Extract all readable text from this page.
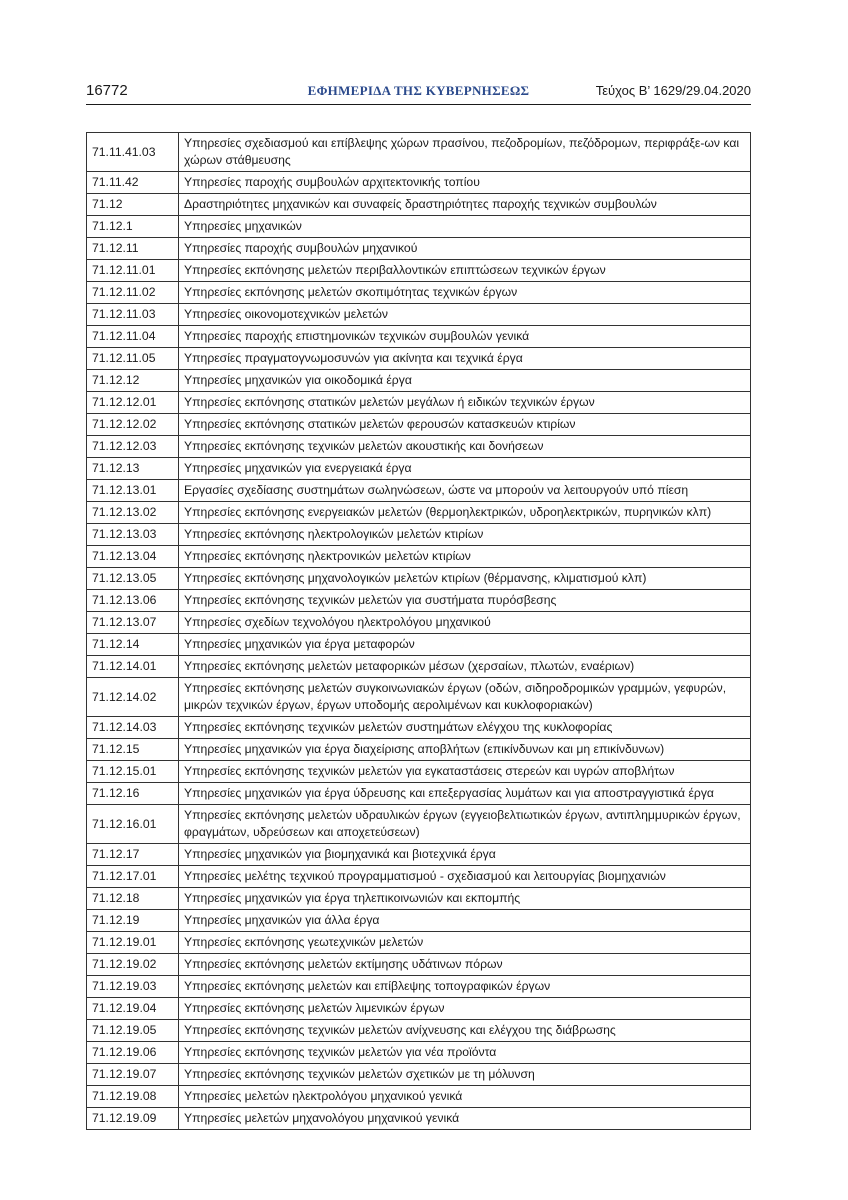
16772	ΕΦΗΜΕΡΙΔΑ ΤΗΣ ΚΥΒΕΡΝΗΣΕΩΣ	Τεύχος Β’ 1629/29.04.2020
71.11.41.03	Υπηρεσίες σχεδιασμού και επίβλεψης χώρων πρασίνου, πεζοδρομίων, πεζόδρομων, περιφράξε-ων και χώρων στάθμευσης
71.11.42	Υπηρεσίες παροχής συμβουλών αρχιτεκτονικής τοπίου
71.12	Δραστηριότητες μηχανικών και συναφείς δραστηριότητες παροχής τεχνικών συμβουλών
71.12.1	Υπηρεσίες μηχανικών
71.12.11	Υπηρεσίες παροχής συμβουλών μηχανικού
71.12.11.01	Υπηρεσίες εκπόνησης μελετών περιβαλλοντικών επιπτώσεων τεχνικών έργων
71.12.11.02	Υπηρεσίες εκπόνησης μελετών σκοπιμότητας τεχνικών έργων
71.12.11.03	Υπηρεσίες οικονομοτεχνικών μελετών
71.12.11.04	Υπηρεσίες παροχής επιστημονικών τεχνικών συμβουλών γενικά
71.12.11.05	Υπηρεσίες πραγματογνωμοσυνών για ακίνητα και τεχνικά έργα
71.12.12	Υπηρεσίες μηχανικών για οικοδομικά έργα
71.12.12.01	Υπηρεσίες εκπόνησης στατικών μελετών μεγάλων ή ειδικών τεχνικών έργων
71.12.12.02	Υπηρεσίες εκπόνησης στατικών μελετών φερουσών κατασκευών κτιρίων
71.12.12.03	Υπηρεσίες εκπόνησης τεχνικών μελετών ακουστικής και δονήσεων
71.12.13	Υπηρεσίες μηχανικών για ενεργειακά έργα
71.12.13.01	Εργασίες σχεδίασης συστημάτων σωληνώσεων, ώστε να μπορούν να λειτουργούν υπό πίεση
71.12.13.02	Υπηρεσίες εκπόνησης ενεργειακών μελετών (θερμοηλεκτρικών, υδροηλεκτρικών, πυρηνικών κλπ)
71.12.13.03	Υπηρεσίες εκπόνησης ηλεκτρολογικών μελετών κτιρίων
71.12.13.04	Υπηρεσίες εκπόνησης ηλεκτρονικών μελετών κτιρίων
71.12.13.05	Υπηρεσίες εκπόνησης μηχανολογικών μελετών κτιρίων (θέρμανσης, κλιματισμού κλπ)
71.12.13.06	Υπηρεσίες εκπόνησης τεχνικών μελετών για συστήματα πυρόσβεσης
71.12.13.07	Υπηρεσίες σχεδίων τεχνολόγου ηλεκτρολόγου μηχανικού
71.12.14	Υπηρεσίες μηχανικών για έργα μεταφορών
71.12.14.01	Υπηρεσίες εκπόνησης μελετών μεταφορικών μέσων (χερσαίων, πλωτών, εναέριων)
71.12.14.02	Υπηρεσίες εκπόνησης μελετών συγκοινωνιακών έργων (οδών, σιδηροδρομικών γραμμών, γεφυρών, μικρών τεχνικών έργων, έργων υποδομής αερολιμένων και κυκλοφοριακών)
71.12.14.03	Υπηρεσίες εκπόνησης τεχνικών μελετών συστημάτων ελέγχου της κυκλοφορίας
71.12.15	Υπηρεσίες μηχανικών για έργα διαχείρισης αποβλήτων (επικίνδυνων και μη επικίνδυνων)
71.12.15.01	Υπηρεσίες εκπόνησης τεχνικών μελετών για εγκαταστάσεις στερεών και υγρών αποβλήτων
71.12.16	Υπηρεσίες μηχανικών για έργα ύδρευσης και επεξεργασίας λυμάτων και για αποστραγγιστικά έργα
71.12.16.01	Υπηρεσίες εκπόνησης μελετών υδραυλικών έργων (εγγειοβελτιωτικών έργων, αντιπλημμυρικών έργων, φραγμάτων, υδρεύσεων και αποχετεύσεων)
71.12.17	Υπηρεσίες μηχανικών για βιομηχανικά και βιοτεχνικά έργα
71.12.17.01	Υπηρεσίες μελέτης τεχνικού προγραμματισμού - σχεδιασμού και λειτουργίας βιομηχανιών
71.12.18	Υπηρεσίες μηχανικών για έργα τηλεπικοινωνιών και εκπομπής
71.12.19	Υπηρεσίες μηχανικών για άλλα έργα
71.12.19.01	Υπηρεσίες εκπόνησης γεωτεχνικών μελετών
71.12.19.02	Υπηρεσίες εκπόνησης μελετών εκτίμησης υδάτινων πόρων
71.12.19.03	Υπηρεσίες εκπόνησης μελετών και επίβλεψης τοπογραφικών έργων
71.12.19.04	Υπηρεσίες εκπόνησης μελετών λιμενικών έργων
71.12.19.05	Υπηρεσίες εκπόνησης τεχνικών μελετών ανίχνευσης και ελέγχου της διάβρωσης
71.12.19.06	Υπηρεσίες εκπόνησης τεχνικών μελετών για νέα προϊόντα
71.12.19.07	Υπηρεσίες εκπόνησης τεχνικών μελετών σχετικών με τη μόλυνση
71.12.19.08	Υπηρεσίες μελετών ηλεκτρολόγου μηχανικού γενικά
71.12.19.09	Υπηρεσίες μελετών μηχανολόγου μηχανικού γενικά
